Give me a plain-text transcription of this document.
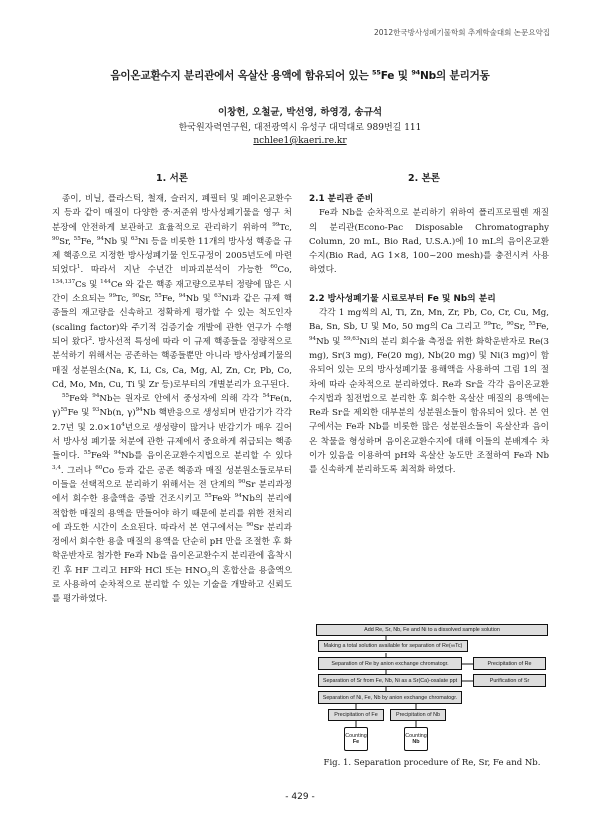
2012한국방사성폐기물학회 추계학술대회 논문요약집
음이온교환수지 분리관에서 옥살산 용액에 함유되어 있는 $^{55}$Fe 및 $^{94}$Nb의 분리거동
이창헌, 오철균, 박선영, 하영경, 송규석
한국원자력연구원, 대전광역시 유성구 대덕대로 989번길 111
nchlee1@kaeri.re.kr
1. 서론	2. 본론

종이, 비닐, 플라스틱, 철재, 슬러지, 폐필터 및 폐이온교환수지 등과 같이 매질이 다양한 중·저준위 방사성폐기물을 영구 처분장에 안전하게 보관하고 효율적으로 관리하기 위하여 $^{99}$Tc, $^{90}$Sr, $^{55}$Fe, $^{94}$Nb 및 $^{63}$Ni 등을 비롯한 11개의 방사성 핵종을 규제 핵종으로 지정한 방사성폐기물 인도규정이 2005년도에 마련되었다$^1$. 따라서 지난 수년간 비파괴분석이 가능한 $^{60}$Co, $^{134,137}$Cs 및 $^{144}$Ce 와 같은 핵종 재고량으로부터 정량에 많은 시간이 소요되는 $^{99}$Tc, $^{90}$Sr, $^{55}$Fe, $^{94}$Nb 및 $^{63}$Ni과 같은 규제 핵종들의 재고량을 신속하고 정확하게 평가할 수 있는 척도인자(scaling factor)와 주기적 검증기술 개발에 관한 연구가 수행되어 왔다$^2$. 방사선적 특성에 따라 이 규제 핵종들을 정량적으로 분석하기 위해서는 공존하는 핵종들뿐만 아니라 방사성폐기물의 매질 성분원소(Na, K, Li, Cs, Ca, Mg, Al, Zn, Cr, Pb, Co, Cd, Mo, Mn, Cu, Ti 및 Zr 등)로부터의 개별분리가 요구된다.

$^{55}$Fe와 $^{94}$Nb는 원자로 안에서 중성자에 의해 각각 $^{54}$Fe(n, γ)$^{55}$Fe 및 $^{93}$Nb(n, γ)$^{94}$Nb 핵반응으로 생성되며 반감기가 각각 2.7년 및 $2.0\times 10^4$년으로 생성량이 많거나 반감기가 매우 길어서 방사성 폐기물 처분에 관한 규제에서 중요하게 취급되는 핵종들이다. $^{55}$Fe와 $^{94}$Nb를 음이온교환수지법으로 분리할 수 있다$^{3,4}$. 그러나 $^{60}$Co 등과 같은 공존 핵종과 매질 성분원소들로부터 이들을 선택적으로 분리하기 위해서는 전 단계의 $^{90}$Sr 분리과정에서 회수한 용출액을 증발 건조시키고 $^{55}$Fe와 $^{94}$Nb의 분리에 적합한 매질의 용액을 만들어야 하기 때문에 분리를 위한 전처리에 과도한 시간이 소요된다. 따라서 본 연구에서는 $^{90}$Sr 분리과정에서 회수한 용출 매질의 용액을 단순히 pH 만을 조절한 후 화학운반자로 첨가한 Fe과 Nb을 음이온교환수지 분리관에 흡착시킨 후 HF 그리고 HF와 HCl 또는 $HNO_3$의 혼합산을 용출액으로 사용하여 순차적으로 분리할 수 있는 기술을 개발하고 신뢰도를 평가하였다.

2.1 분리관 준비

Fe과 Nb을 순차적으로 분리하기 위하여 폴리프로필렌 재질의 분리관(Econo-Pac Disposable Chromatography Column, 20 mL, Bio Rad, U.S.A.)에 10 mL의 음이온교환수지(Bio Rad, AG 1×8, 100~200 mesh)를 충전시켜 사용하였다.

2.2 방사성폐기물 시료로부터 Fe 및 Nb의 분리

각각 1 mg씩의 Al, Ti, Zn, Mn, Zr, Pb, Co, Cr, Cu, Mg, Ba, Sn, Sb, U 및 Mo, 50 mg의 Ca 그리고 $^{99}$Tc, $^{90}$Sr, $^{55}$Fe, $^{94}$Nb 및 $^{59,63}$Ni의 분리 회수율 측정을 위한 화학운반자로 Re(3 mg), Sr(3 mg), Fe(20 mg), Nb(20 mg) 및 Ni(3 mg)이 함유되어 있는 모의 방사성폐기물 용해액을 사용하여 그림 1의 절차에 따라 순차적으로 분리하였다. Re과 Sr을 각각 음이온교환수지법과 침전법으로 분리한 후 회수한 옥살산 매질의 용액에는 Re과 Sr을 제외한 대부분의 성분원소들이 함유되어 있다. 본 연구에서는 Fe과 Nb를 비롯한 많은 성분원소들이 옥살산과 음이온 착물을 형성하며 음이온교환수지에 대해 이들의 분배계수 차이가 있음을 이용하여 pH와 옥살산 농도만 조절하여 Fe과 Nb를 신속하게 분리하도록 최적화 하였다.

Add Re, Sr, Nb, Fe and Ni to a dissolved sample solution
Making a total solution available for separation of Re( 99 Tc)
Separation of Re by anion exchange chromatogr.	Precipitation of Re
Separation of Sr from Fe, Nb, Ni as a Sr(Ca)-oxalate ppt	Purification of Sr
Separation of Ni, Fe, Nb by anion exchange chromatogr.
Precipitation of Fe	Precipitation of Nb
Counting
Fe
Counting
Nb
Fig. 1. Separation procedure of Re, Sr, Fe and Nb.
- 429 -
